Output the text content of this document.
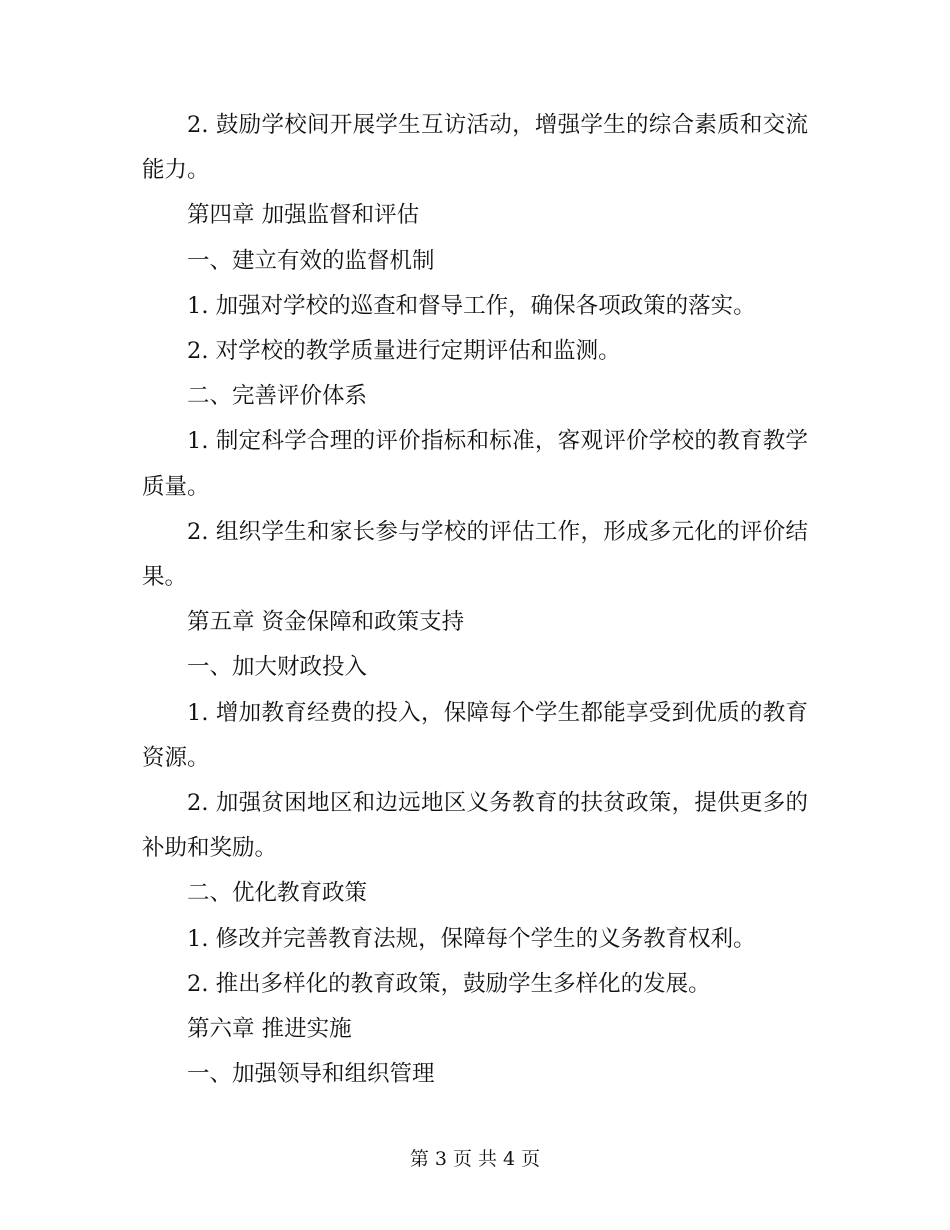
2. 鼓励学校间开展学生互访活动，增强学生的综合素质和交流能力。

第四章 加强监督和评估

一、建立有效的监督机制

1. 加强对学校的巡查和督导工作，确保各项政策的落实。

2. 对学校的教学质量进行定期评估和监测。

二、完善评价体系

1. 制定科学合理的评价指标和标准，客观评价学校的教育教学质量。

2. 组织学生和家长参与学校的评估工作，形成多元化的评价结果。

第五章 资金保障和政策支持

一、加大财政投入

1. 增加教育经费的投入，保障每个学生都能享受到优质的教育资源。

2. 加强贫困地区和边远地区义务教育的扶贫政策，提供更多的补助和奖励。

二、优化教育政策

1. 修改并完善教育法规，保障每个学生的义务教育权利。

2. 推出多样化的教育政策，鼓励学生多样化的发展。

第六章 推进实施

一、加强领导和组织管理

第 3 页 共 4 页
